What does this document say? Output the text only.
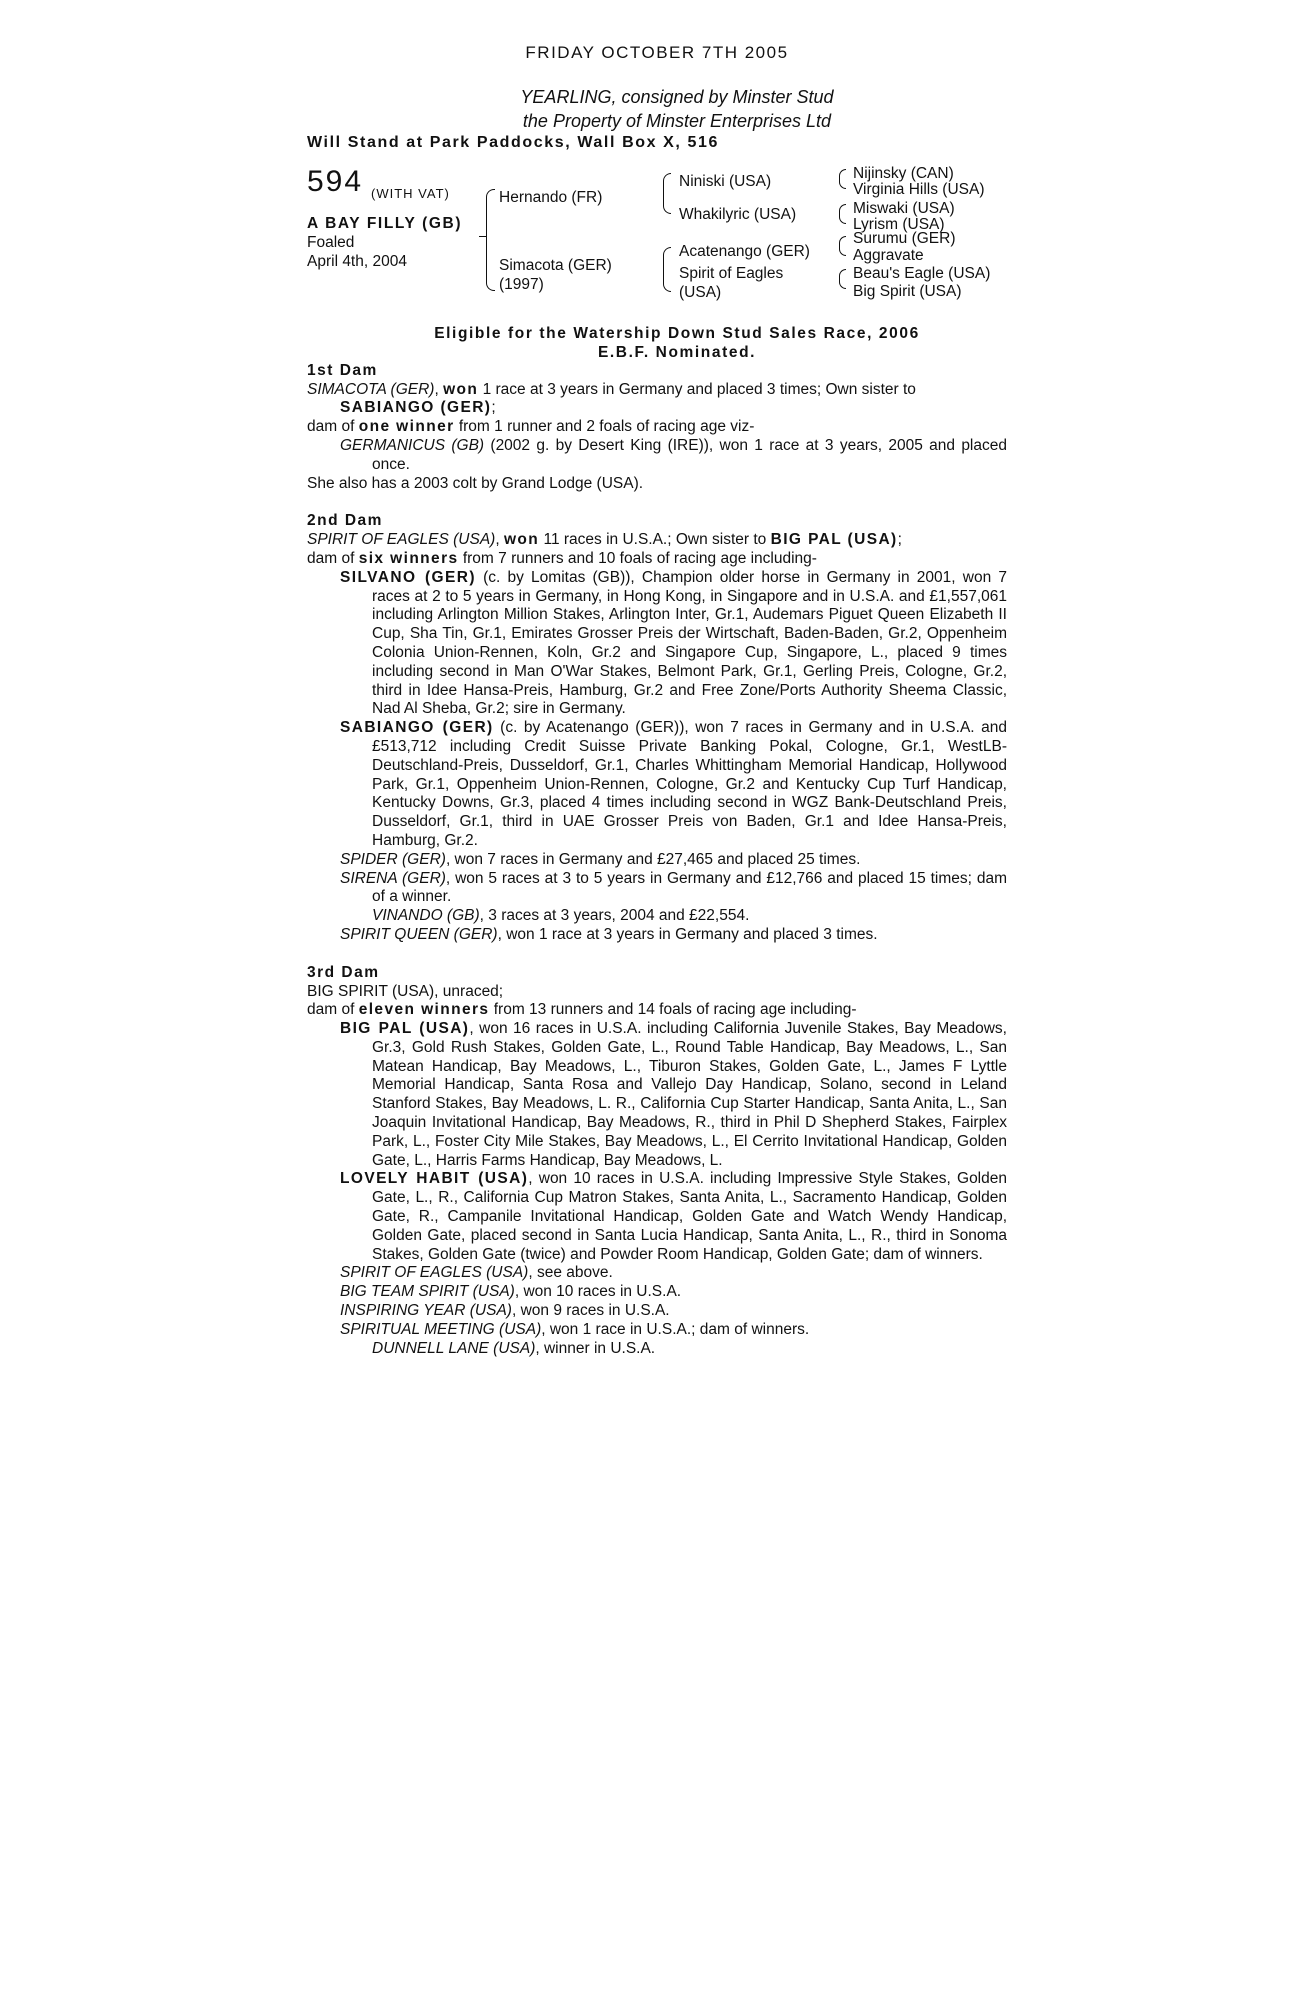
FRIDAY OCTOBER 7TH 2005
YEARLING, consigned by Minster Stud
the Property of Minster Enterprises Ltd
Will Stand at Park Paddocks, Wall Box X, 516
594 (WITH VAT)
A BAY FILLY (GB)
Foaled
April 4th, 2004
Hernando (FR)
Simacota (GER)
(1997)
Niniski (USA)
Whakilyric (USA)
Acatenango (GER)
Spirit of Eagles
(USA)
Nijinsky (CAN)
Virginia Hills (USA)
Miswaki (USA)
Lyrism (USA)
Surumu (GER)
Aggravate
Beau's Eagle (USA)
Big Spirit (USA)
Eligible for the Watership Down Stud Sales Race, 2006
E.B.F. Nominated.
1st Dam

SIMACOTA (GER), won 1 race at 3 years in Germany and placed 3 times; Own sister to
SABIANGO (GER);

dam of one winner from 1 runner and 2 foals of racing age viz-

GERMANICUS (GB) (2002 g. by Desert King (IRE)), won 1 race at 3 years, 2005 and placed once.

She also has a 2003 colt by Grand Lodge (USA).

2nd Dam

SPIRIT OF EAGLES (USA), won 11 races in U.S.A.; Own sister to BIG PAL (USA);

dam of six winners from 7 runners and 10 foals of racing age including-

SILVANO (GER) (c. by Lomitas (GB)), Champion older horse in Germany in 2001, won 7 races at 2 to 5 years in Germany, in Hong Kong, in Singapore and in U.S.A. and £1,557,061 including Arlington Million Stakes, Arlington Inter, Gr.1, Audemars Piguet Queen Elizabeth II Cup, Sha Tin, Gr.1, Emirates Grosser Preis der Wirtschaft, Baden-Baden, Gr.2, Oppenheim Colonia Union-Rennen, Koln, Gr.2 and Singapore Cup, Singapore, L., placed 9 times including second in Man O'War Stakes, Belmont Park, Gr.1, Gerling Preis, Cologne, Gr.2, third in Idee Hansa-Preis, Hamburg, Gr.2 and Free Zone/Ports Authority Sheema Classic, Nad Al Sheba, Gr.2; sire in Germany.

SABIANGO (GER) (c. by Acatenango (GER)), won 7 races in Germany and in U.S.A. and £513,712 including Credit Suisse Private Banking Pokal, Cologne, Gr.1, WestLB-Deutschland-Preis, Dusseldorf, Gr.1, Charles Whittingham Memorial Handicap, Hollywood Park, Gr.1, Oppenheim Union-Rennen, Cologne, Gr.2 and Kentucky Cup Turf Handicap, Kentucky Downs, Gr.3, placed 4 times including second in WGZ Bank-Deutschland Preis, Dusseldorf, Gr.1, third in UAE Grosser Preis von Baden, Gr.1 and Idee Hansa-Preis, Hamburg, Gr.2.

SPIDER (GER), won 7 races in Germany and £27,465 and placed 25 times.

SIRENA (GER), won 5 races at 3 to 5 years in Germany and £12,766 and placed 15 times; dam of a winner.

VINANDO (GB), 3 races at 3 years, 2004 and £22,554.

SPIRIT QUEEN (GER), won 1 race at 3 years in Germany and placed 3 times.

3rd Dam

BIG SPIRIT (USA), unraced;

dam of eleven winners from 13 runners and 14 foals of racing age including-

BIG PAL (USA), won 16 races in U.S.A. including California Juvenile Stakes, Bay Meadows, Gr.3, Gold Rush Stakes, Golden Gate, L., Round Table Handicap, Bay Meadows, L., San Matean Handicap, Bay Meadows, L., Tiburon Stakes, Golden Gate, L., James F Lyttle Memorial Handicap, Santa Rosa and Vallejo Day Handicap, Solano, second in Leland Stanford Stakes, Bay Meadows, L. R., California Cup Starter Handicap, Santa Anita, L., San Joaquin Invitational Handicap, Bay Meadows, R., third in Phil D Shepherd Stakes, Fairplex Park, L., Foster City Mile Stakes, Bay Meadows, L., El Cerrito Invitational Handicap, Golden Gate, L., Harris Farms Handicap, Bay Meadows, L.

LOVELY HABIT (USA), won 10 races in U.S.A. including Impressive Style Stakes, Golden Gate, L., R., California Cup Matron Stakes, Santa Anita, L., Sacramento Handicap, Golden Gate, R., Campanile Invitational Handicap, Golden Gate and Watch Wendy Handicap, Golden Gate, placed second in Santa Lucia Handicap, Santa Anita, L., R., third in Sonoma Stakes, Golden Gate (twice) and Powder Room Handicap, Golden Gate; dam of winners.

SPIRIT OF EAGLES (USA), see above.

BIG TEAM SPIRIT (USA), won 10 races in U.S.A.

INSPIRING YEAR (USA), won 9 races in U.S.A.

SPIRITUAL MEETING (USA), won 1 race in U.S.A.; dam of winners.

DUNNELL LANE (USA), winner in U.S.A.
